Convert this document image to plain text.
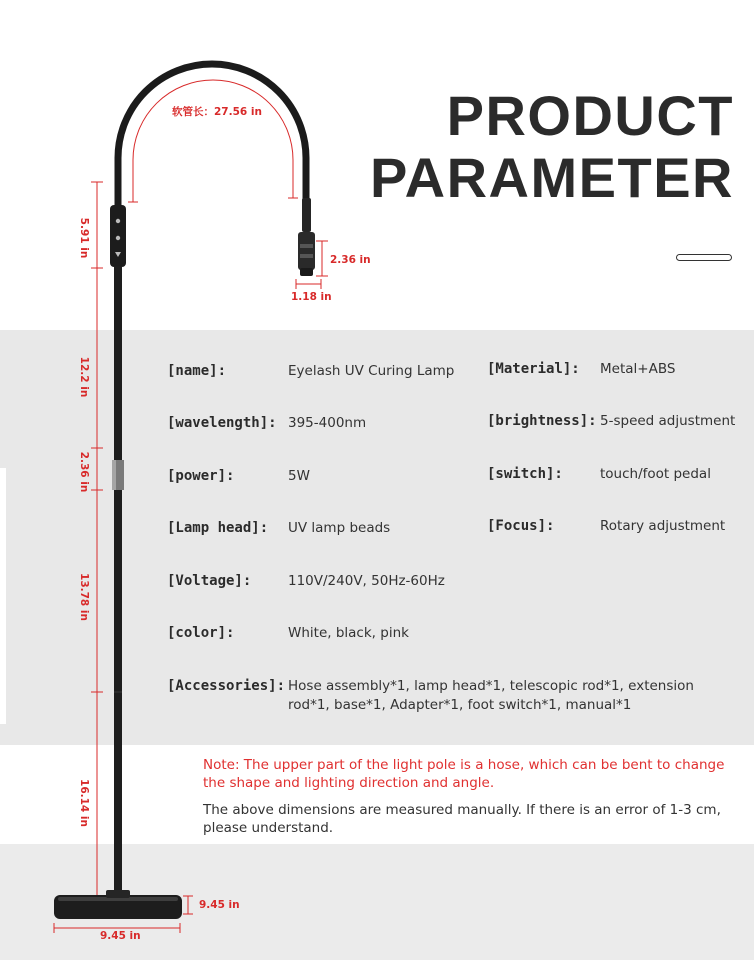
软管长：27.56 in
2.36 in
1.18 in
5.91 in
12.2 in
2.36 in
13.78 in
16.14 in
9.45 in
9.45 in
PRODUCT
PARAMETER
[name]:	Eyelash UV Curing Lamp [Material]: Metal+ABS
[wavelength]: 395-400nm	[brightness]: 5-speed adjustment
[power]:	5W	[switch]:	touch/foot pedal
[Lamp head]: UV lamp beads	[Focus]:	Rotary adjustment
[Voltage]:	110V/240V, 50Hz-60Hz
[color]:	White, black, pink
[Accessories]: Hose assembly*1, lamp head*1, telescopic rod*1, extension rod*1, base*1, Adapter*1, foot switch*1, manual*1
Note: The upper part of the light pole is a hose, which can be bent to change the shape and lighting direction and angle.
The above dimensions are measured manually. If there is an error of 1-3 cm, please understand.
